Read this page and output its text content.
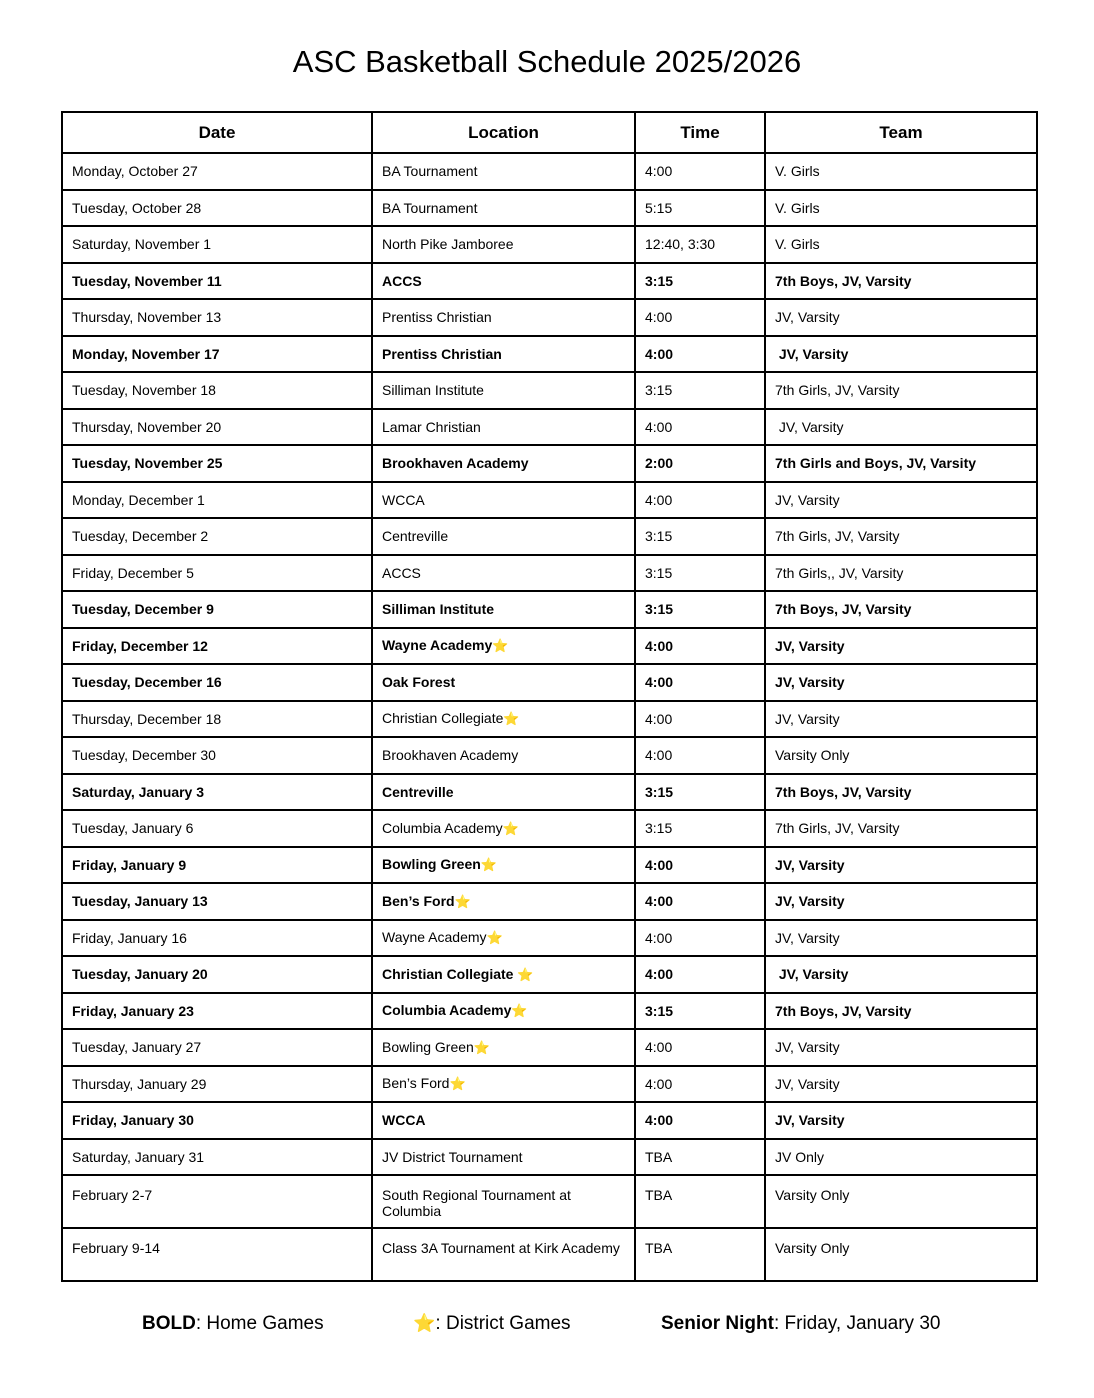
ASC Basketball Schedule 2025/2026
Date	Location	Time	Team
Monday, October 27	BA Tournament	4:00	V. Girls
Tuesday, October 28	BA Tournament	5:15	V. Girls
Saturday, November 1	North Pike Jamboree	12:40, 3:30	V. Girls
Tuesday, November 11	ACCS	3:15	7th Boys, JV, Varsity
Thursday, November 13	Prentiss Christian	4:00	JV, Varsity
Monday, November 17	Prentiss Christian	4:00	JV, Varsity
Tuesday, November 18	Silliman Institute	3:15	7th Girls, JV, Varsity
Thursday, November 20	Lamar Christian	4:00	JV, Varsity
Tuesday, November 25	Brookhaven Academy	2:00	7th Girls and Boys, JV, Varsity
Monday, December 1	WCCA	4:00	JV, Varsity
Tuesday, December 2	Centreville	3:15	7th Girls, JV, Varsity
Friday, December 5	ACCS	3:15	7th Girls,, JV, Varsity
Tuesday, December 9	Silliman Institute	3:15	7th Boys, JV, Varsity
Friday, December 12	Wayne Academy⭐	4:00	JV, Varsity
Tuesday, December 16	Oak Forest	4:00	JV, Varsity
Thursday, December 18	Christian Collegiate⭐	4:00	JV, Varsity
Tuesday, December 30	Brookhaven Academy	4:00	Varsity Only
Saturday, January 3	Centreville	3:15	7th Boys, JV, Varsity
Tuesday, January 6	Columbia Academy⭐	3:15	7th Girls, JV, Varsity
Friday, January 9	Bowling Green⭐	4:00	JV, Varsity
Tuesday, January 13	Ben’s Ford⭐	4:00	JV, Varsity
Friday, January 16	Wayne Academy⭐	4:00	JV, Varsity
Tuesday, January 20	Christian Collegiate ⭐	4:00	JV, Varsity
Friday, January 23	Columbia Academy⭐	3:15	7th Boys, JV, Varsity
Tuesday, January 27	Bowling Green⭐	4:00	JV, Varsity
Thursday, January 29	Ben’s Ford⭐	4:00	JV, Varsity
Friday, January 30	WCCA	4:00	JV, Varsity
Saturday, January 31	JV District Tournament	TBA	JV Only
February 2-7	South Regional Tournament at Columbia	TBA	Varsity Only
February 9-14	Class 3A Tournament at Kirk Academy	TBA	Varsity Only
BOLD: Home Games	⭐: District Games	Senior Night: Friday, January 30
